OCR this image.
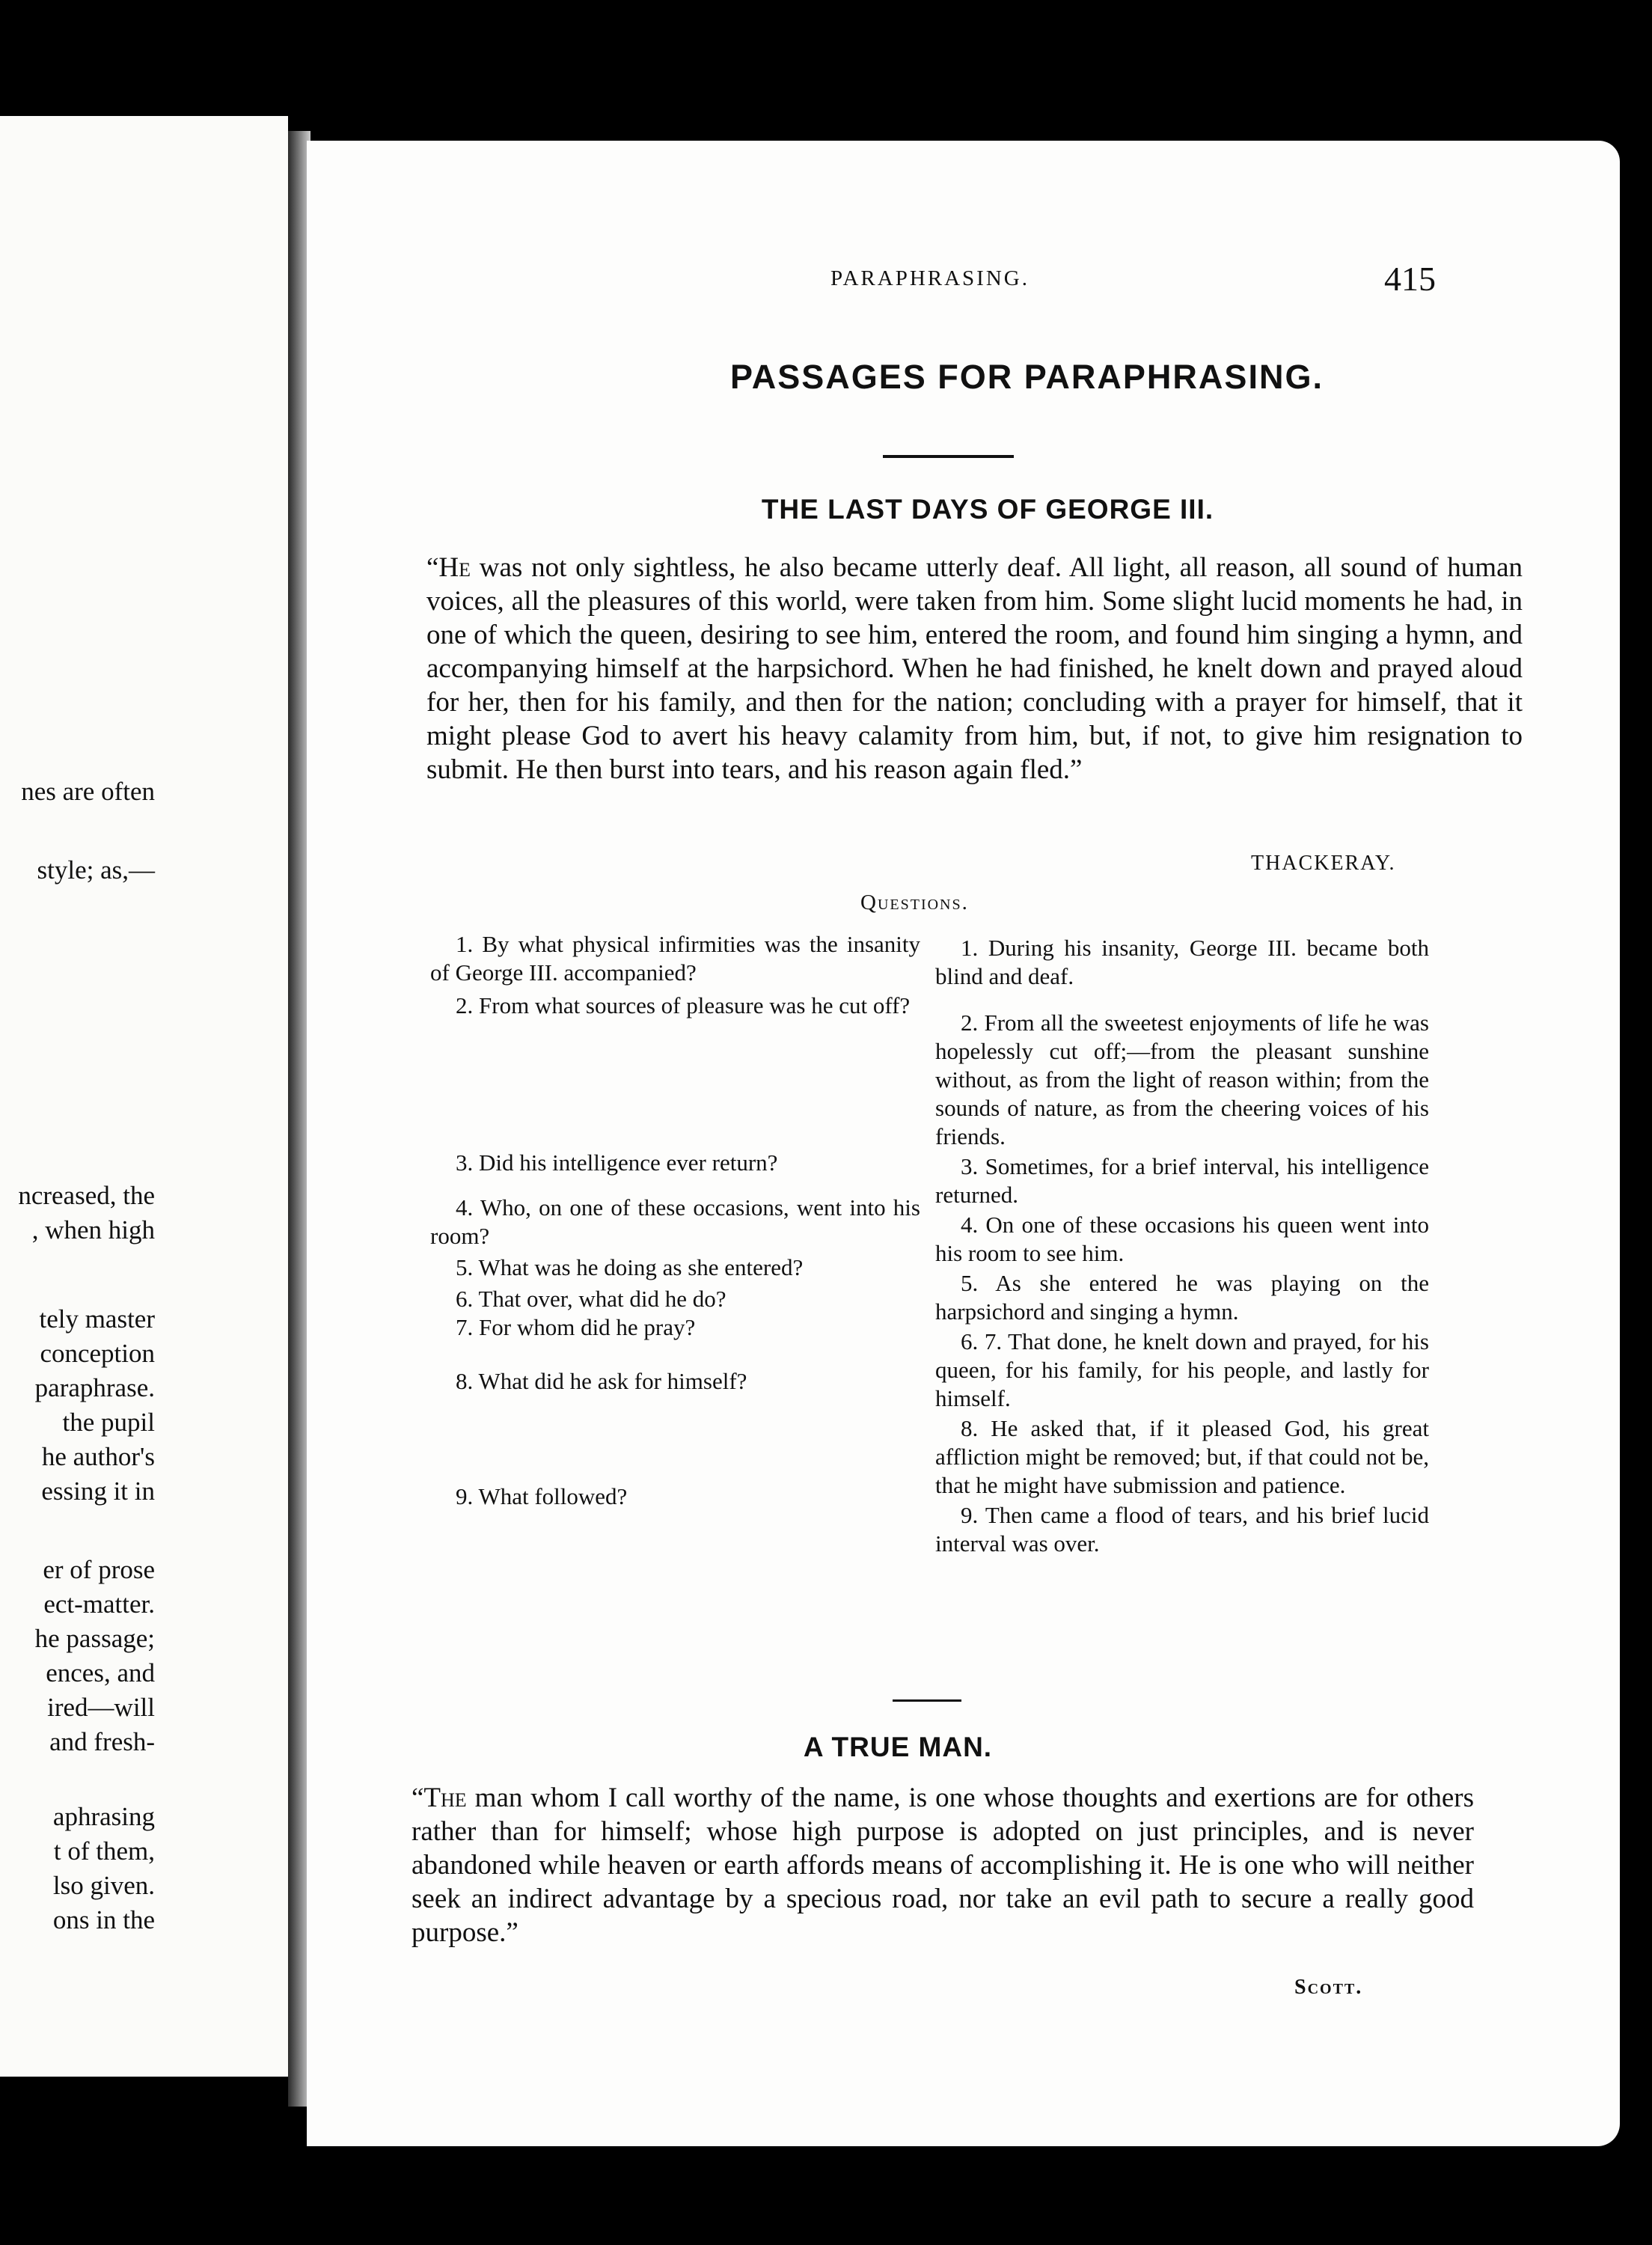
nes are often
style; as,—
ncreased, the
, when high
tely master
conception
paraphrase.
the pupil
he author's
essing it in
er of prose
ect-matter.
he passage;
ences, and
ired—will
and fresh-
aphrasing
t of them,
lso given.
ons in the
PARAPHRASING.	415
PASSAGES FOR PARAPHRASING.
THE LAST DAYS OF GEORGE III.

“He was not only sightless, he also became utterly deaf. All light, all reason, all sound of human voices, all the pleasures of this world, were taken from him. Some slight lucid moments he had, in one of which the queen, desiring to see him, entered the room, and found him singing a hymn, and accompanying himself at the harpsichord. When he had finished, he knelt down and prayed aloud for her, then for his family, and then for the nation; concluding with a prayer for himself, that it might please God to avert his heavy calamity from him, but, if not, to give him resignation to submit. He then burst into tears, and his reason again fled.”

THACKERAY.
Questions.
1. By what physical infirmities was the insanity of George III. accompanied?
2. From what sources of pleasure was he cut off?
3. Did his intelligence ever return?
4. Who, on one of these occasions, went into his room?
5. What was he doing as she entered?
6. That over, what did he do?
7. For whom did he pray?
8. What did he ask for himself?
9. What followed?
1. During his insanity, George III. became both blind and deaf.
2. From all the sweetest enjoyments of life he was hopelessly cut off;—from the pleasant sunshine without, as from the light of reason within; from the sounds of nature, as from the cheering voices of his friends.
3. Sometimes, for a brief interval, his intelligence returned.
4. On one of these occasions his queen went into his room to see him.
5. As she entered he was playing on the harpsichord and singing a hymn.
6. 7. That done, he knelt down and prayed, for his queen, for his family, for his people, and lastly for himself.
8. He asked that, if it pleased God, his great affliction might be removed; but, if that could not be, that he might have submission and patience.
9. Then came a flood of tears, and his brief lucid interval was over.
A TRUE MAN.

“The man whom I call worthy of the name, is one whose thoughts and exertions are for others rather than for himself; whose high purpose is adopted on just principles, and is never abandoned while heaven or earth affords means of accomplishing it. He is one who will neither seek an indirect advantage by a specious road, nor take an evil path to secure a really good purpose.”

Scott.
